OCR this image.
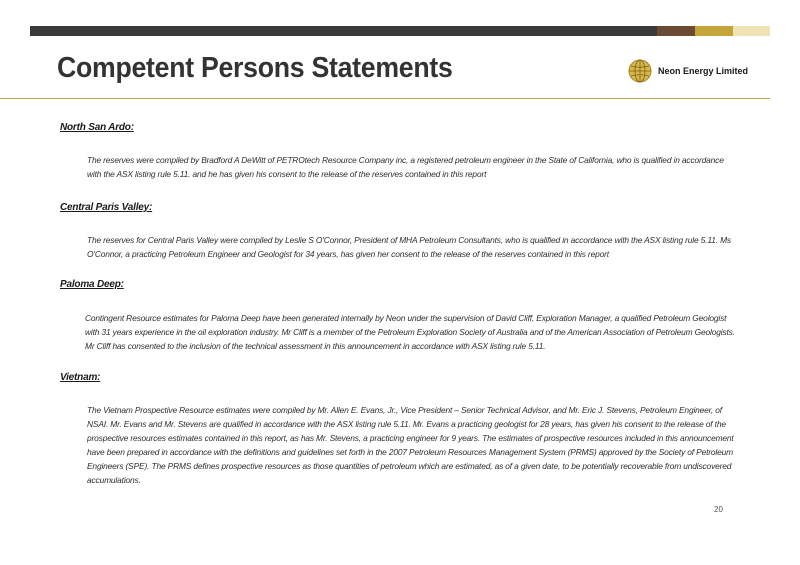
Competent Persons Statements	Neon Energy Limited
North San Ardo:

The reserves were compiled by Bradford A DeWitt of PETROtech Resource Company inc, a registered petroleum engineer in the State of California, who is qualified in accordance with the ASX listing rule 5.11. and he has given his consent to the release of the reserves contained in this report

Central Paris Valley:

The reserves for Central Paris Valley were compiled by Leslie S O'Connor, President of MHA Petroleum Consultants, who is qualified in accordance with the ASX listing rule 5.11. Ms O'Connor, a practicing Petroleum Engineer and Geologist for 34 years, has given her consent to the release of the reserves contained in this report

Paloma Deep:

Contingent Resource estimates for Paloma Deep have been generated internally by Neon under the supervision of David Cliff, Exploration Manager, a qualified Petroleum Geologist with 31 years experience in the oil exploration industry. Mr Cliff is a member of the Petroleum Exploration Society of Australia and of the American Association of Petroleum Geologists. Mr Cliff has consented to the inclusion of the technical assessment in this announcement in accordance with ASX listing rule 5.11.

Vietnam:

The Vietnam Prospective Resource estimates were compiled by Mr. Allen E. Evans, Jr., Vice President – Senior Technical Advisor, and Mr. Eric J. Stevens, Petroleum Engineer, of NSAI. Mr. Evans and Mr. Stevens are qualified in accordance with the ASX listing rule 5.11. Mr. Evans a practicing geologist for 28 years, has given his consent to the release of the prospective resources estimates contained in this report, as has Mr. Stevens, a practicing engineer for 9 years. The estimates of prospective resources included in this announcement have been prepared in accordance with the definitions and guidelines set forth in the 2007 Petroleum Resources Management System (PRMS) approved by the Society of Petroleum Engineers (SPE). The PRMS defines prospective resources as those quantities of petroleum which are estimated, as of a given date, to be potentially recoverable from undiscovered accumulations.

20
